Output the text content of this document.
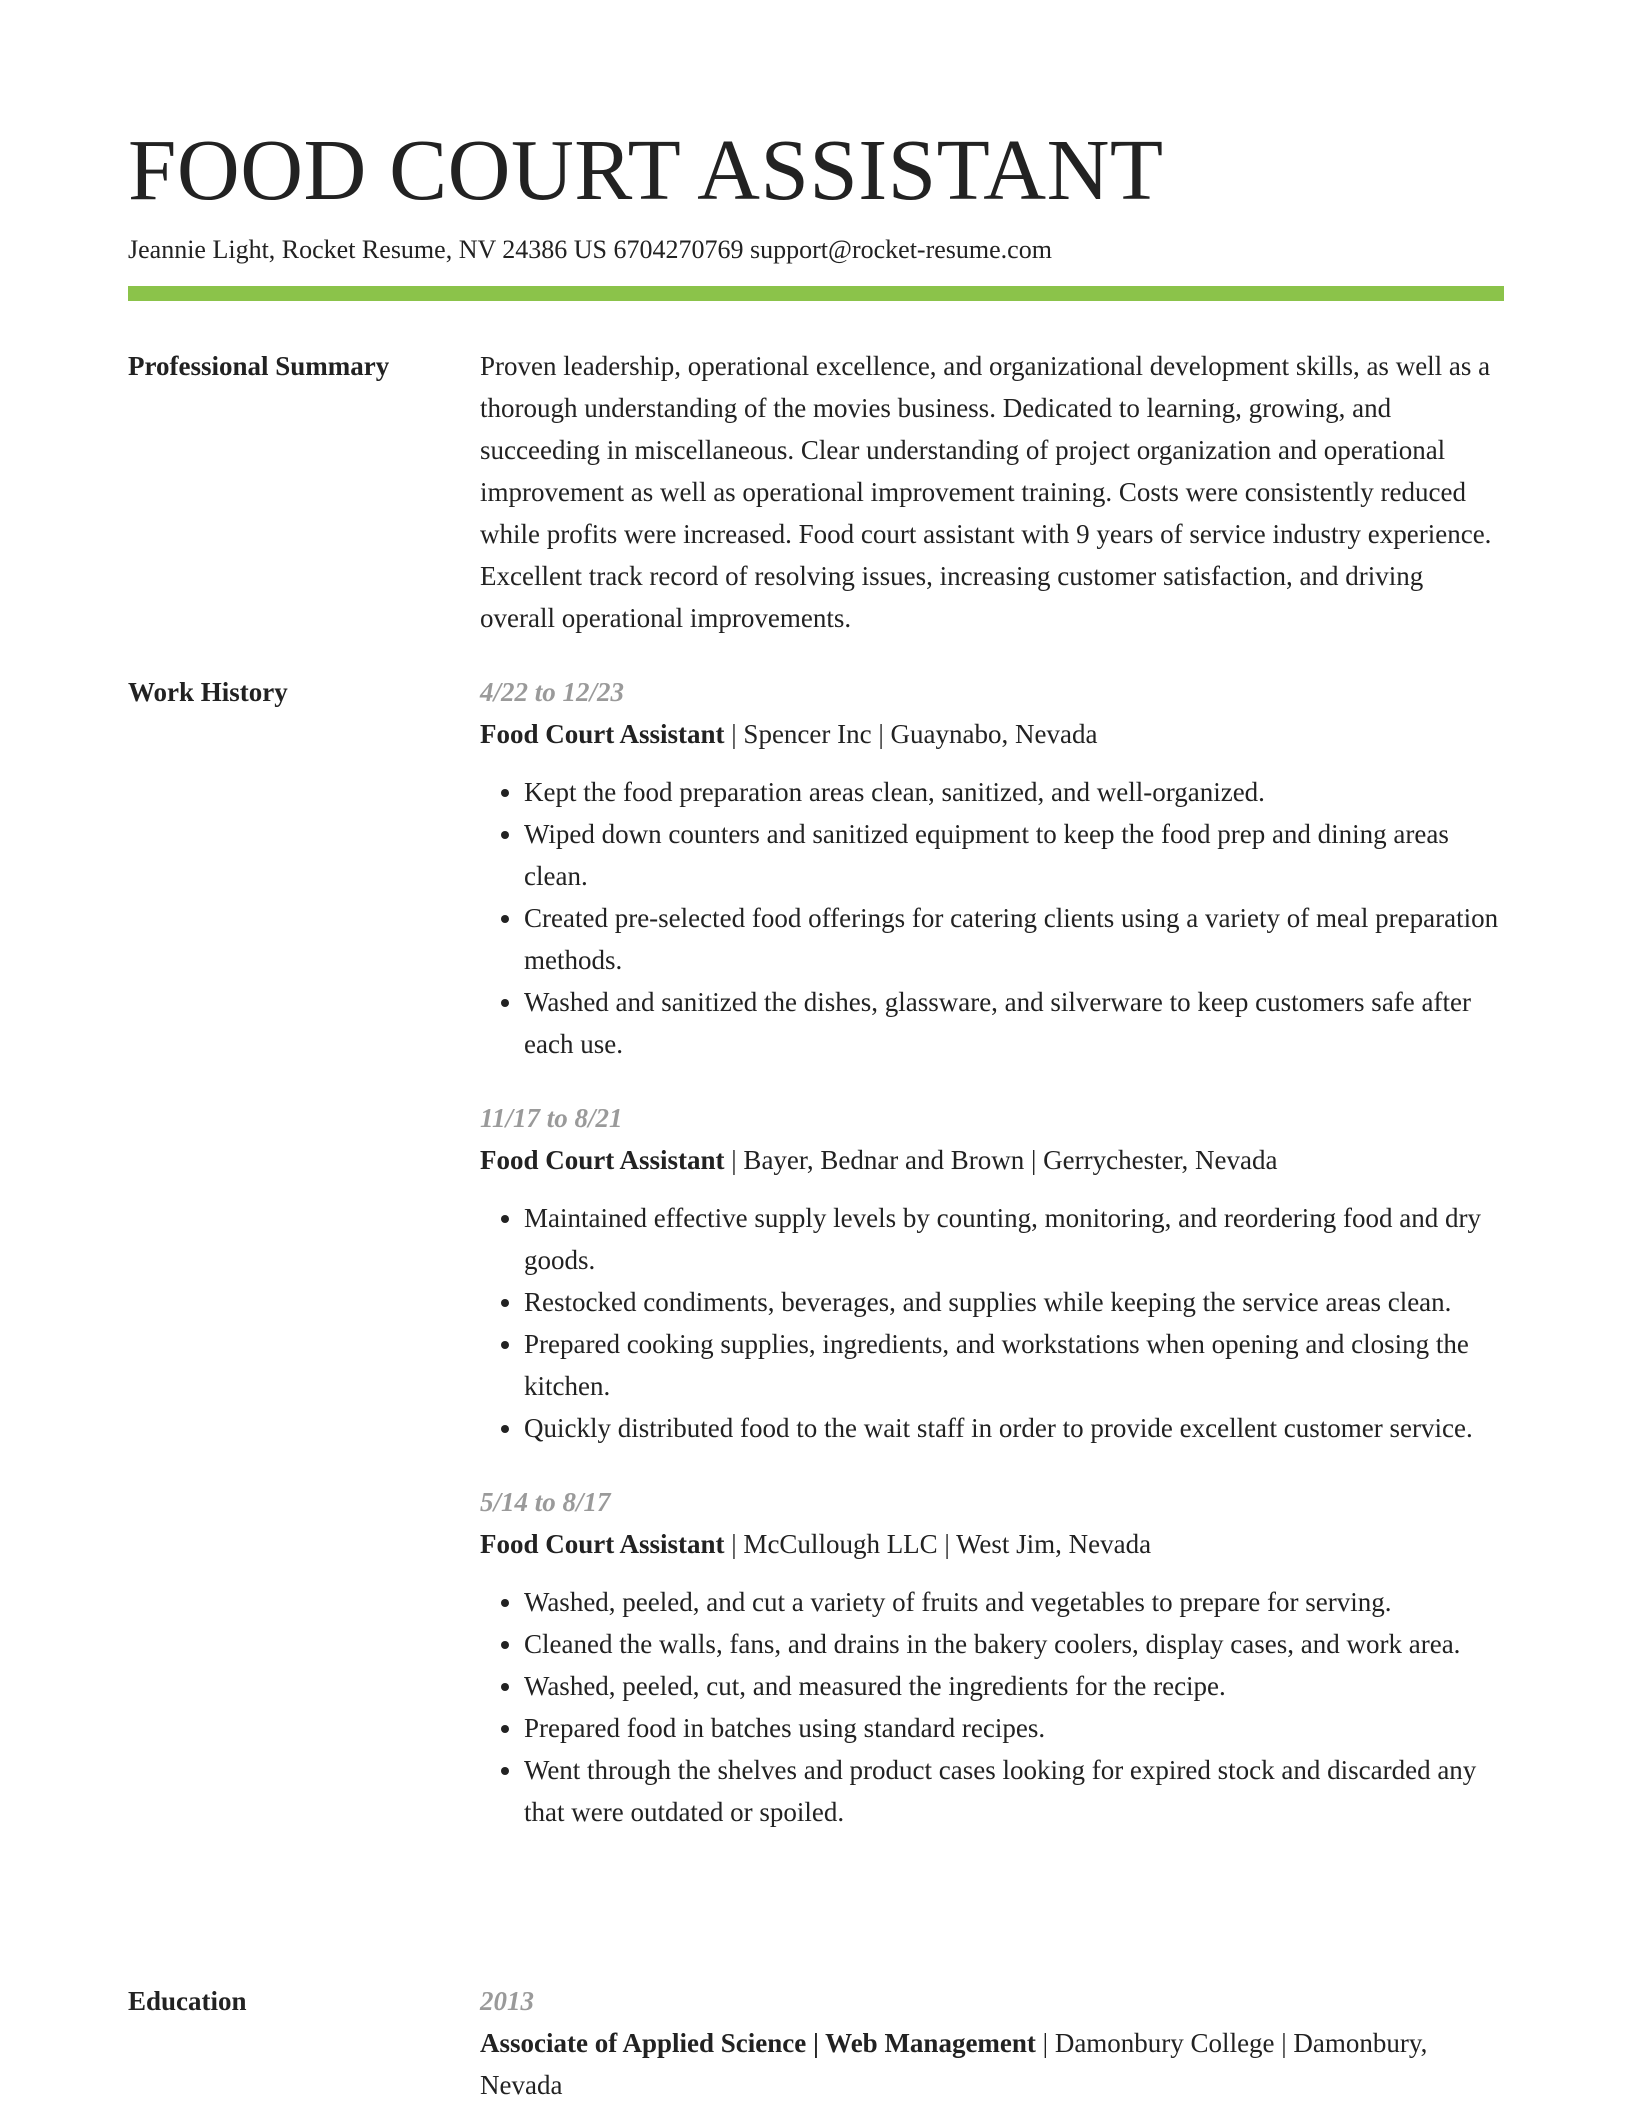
FOOD COURT ASSISTANT
Jeannie Light, Rocket Resume, NV 24386 US 6704270769 support@rocket-resume.com
Professional Summary	Proven leadership, operational excellence, and organizational development skills, as well as a thorough understanding of the movies business. Dedicated to learning, growing, and succeeding in miscellaneous. Clear understanding of project organization and operational improvement as well as operational improvement training. Costs were consistently reduced while profits were increased. Food court assistant with 9 years of service industry experience. Excellent track record of resolving issues, increasing customer satisfaction, and driving overall operational improvements.

Work History	4/22 to 12/23
Food Court Assistant | Spencer Inc | Guaynabo, Nevada
• Kept the food preparation areas clean, sanitized, and well-organized.
• Wiped down counters and sanitized equipment to keep the food prep and dining areas clean.
• Created pre-selected food offerings for catering clients using a variety of meal preparation methods.
• Washed and sanitized the dishes, glassware, and silverware to keep customers safe after each use.
11/17 to 8/21
Food Court Assistant | Bayer, Bednar and Brown | Gerrychester, Nevada
• Maintained effective supply levels by counting, monitoring, and reordering food and dry goods.
• Restocked condiments, beverages, and supplies while keeping the service areas clean.
• Prepared cooking supplies, ingredients, and workstations when opening and closing the kitchen.
• Quickly distributed food to the wait staff in order to provide excellent customer service.
5/14 to 8/17
Food Court Assistant | McCullough LLC | West Jim, Nevada
• Washed, peeled, and cut a variety of fruits and vegetables to prepare for serving.
• Cleaned the walls, fans, and drains in the bakery coolers, display cases, and work area.
• Washed, peeled, cut, and measured the ingredients for the recipe.
• Prepared food in batches using standard recipes.
• Went through the shelves and product cases looking for expired stock and discarded any that were outdated or spoiled.
Education	2013
Associate of Applied Science | Web Management | Damonbury College | Damonbury, Nevada
